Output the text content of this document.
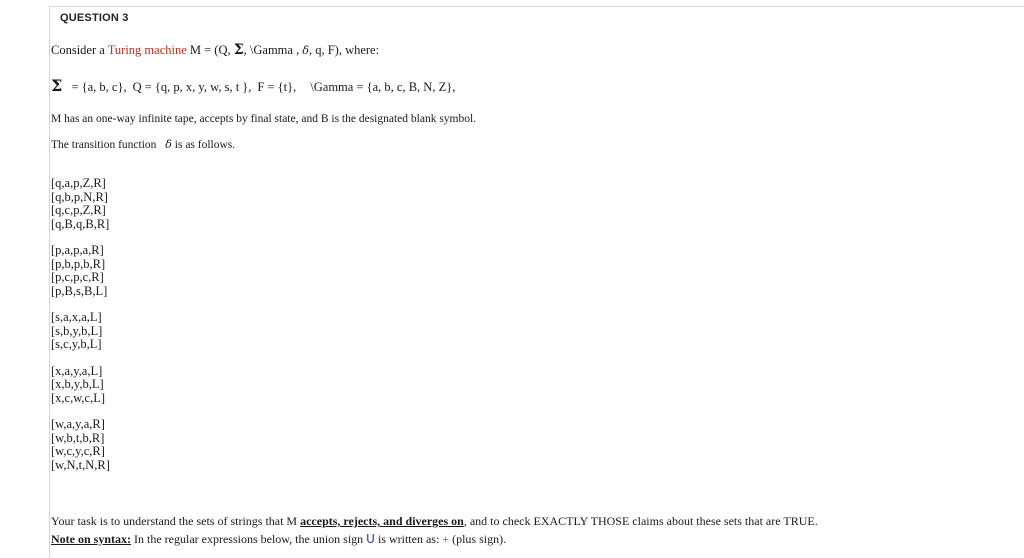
QUESTION 3
Consider a Turing machine M = (Q, Σ, \Gamma , δ, q, F), where:
Σ = {a, b, c}, Q = {q, p, x, y, w, s, t }, F = {t}, \Gamma = {a, b, c, B, N, Z},
M has an one-way infinite tape, accepts by final state, and B is the designated blank symbol.
The transition function δ is as follows.
[q,a,p,Z,R]
[q,b,p,N,R]
[q,c,p,Z,R]
[q,B,q,B,R]
[p,a,p,a,R]
[p,b,p,b,R]
[p,c,p,c,R]
[p,B,s,B,L]
[s,a,x,a,L]
[s,b,y,b,L]
[s,c,y,b,L]
[x,a,y,a,L]
[x,b,y,b,L]
[x,c,w,c,L]
[w,a,y,a,R]
[w,b,t,b,R]
[w,c,y,c,R]
[w,N,t,N,R]
Your task is to understand the sets of strings that M accepts, rejects, and diverges on, and to check EXACTLY THOSE claims about these sets that are TRUE.
Note on syntax: In the regular expressions below, the union sign U is written as: + (plus sign).
